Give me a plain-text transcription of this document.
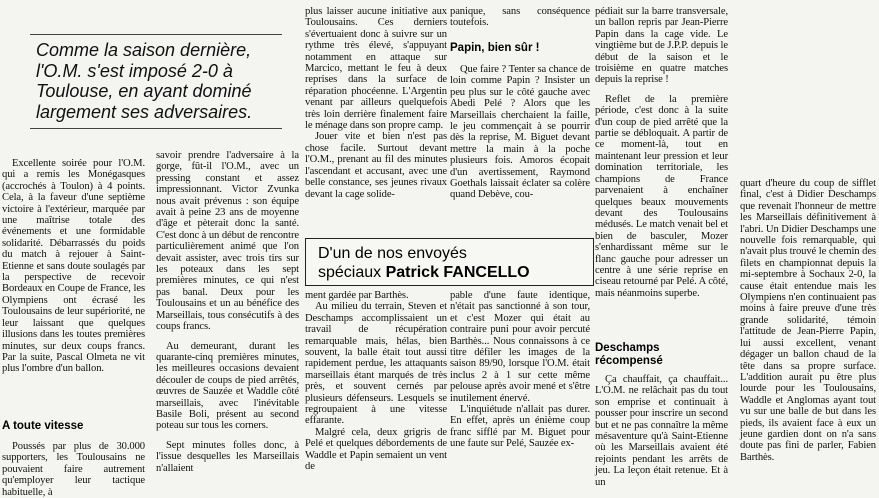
Comme la saison dernière, l'O.M. s'est imposé 2-0 à Toulouse, en ayant dominé largement ses adversaires.

Excellente soirée pour l'O.M. qui a remis les Monégasques (accrochés à Toulon) à 4 points. Cela, à la faveur d'une septième victoire à l'extérieur, marquée par une maîtrise totale des événements et une formidable solidarité. Débarrassés du poids du match à rejouer à Saint-Etienne et sans doute soulagés par la perspective de recevoir Bordeaux en Coupe de France, les Olympiens ont écrasé les Toulousains de leur supériorité, ne leur laissant que quelques illusions dans les toutes premières minutes, sur deux coups francs. Par la suite, Pascal Olmeta ne vit plus l'ombre d'un ballon.

A toute vitesse

Poussés par plus de 30.000 supporters, les Toulousains ne pouvaient faire autrement qu'employer leur tactique habituelle, à

savoir prendre l'adversaire à la gorge, fût-il l'O.M., avec un pressing constant et assez impressionnant. Victor Zvunka nous avait prévenus : son équipe avait à peine 23 ans de moyenne d'âge et pèterait donc la santé. C'est donc à un début de rencontre particulièrement animé que l'on devait assister, avec trois tirs sur les poteaux dans les sept premières minutes, ce qui n'est pas banal. Deux pour les Toulousains et un au bénéfice des Marseillais, tous consécutifs à des coups francs.

Au demeurant, durant les quarante-cinq premières minutes, les meilleures occasions devaient découler de coups de pied arrêtés, œuvres de Sauzée et Waddle côté marseillais, avec l'inévitable Basile Boli, présent au second poteau sur tous les corners.

Sept minutes folles donc, à l'issue desquelles les Marseillais n'allaient

plus laisser aucune initiative aux Toulousains. Ces derniers s'évertuaient donc à suivre sur un rythme très élevé, s'appuyant notamment en attaque sur Marcico, mettant le feu à deux reprises dans la surface de réparation phocéenne. L'Argentin venant par ailleurs quelquefois très loin derrière finalement faire le ménage dans son propre camp.

Jouer vite et bien n'est pas chose facile. Surtout devant l'O.M., prenant au fil des minutes l'ascendant et accusant, avec une belle constance, ses jeunes rivaux devant la cage solide-

D'un de nos envoyés
spéciaux Patrick FANCELLO

ment gardée par Barthès.

Au milieu du terrain, Steven et Deschamps accomplissaient un travail de récupération remarquable mais, hélas, bien souvent, la balle était tout aussi rapidement perdue, les attaquants marseillais étant marqués de très près, et souvent cernés par plusieurs défenseurs. Lesquels se regroupaient à une vitesse effarante.

Malgré cela, deux grigris de Pelé et quelques débordements de Waddle et Papin semaient un vent de

panique, sans conséquence toutefois.

Papin, bien sûr !

Que faire ? Tenter sa chance de loin comme Papin ? Insister un peu plus sur le côté gauche avec Abedi Pelé ? Alors que les Marseillais cherchaient la faille, le jeu commençait à se pourrir dès la reprise, M. Biguet devant mettre la main à la poche plusieurs fois. Amoros écopait d'un avertissement, Raymond Goethals laissait éclater sa colère quand Debève, cou-

pable d'une faute identique, n'était pas sanctionné à son tour, et c'est Mozer qui était au contraire puni pour avoir percuté Barthès... Nous connaissons à ce titre défiler les images de la saison 89/90, lorsque l'O.M. était inclus 2 à 1 sur cette même pelouse après avoir mené et s'être inutilement énervé.

L'inquiétude n'allait pas durer. En effet, après un énième coup franc sifflé par M. Biguet pour une faute sur Pelé, Sauzée ex-

pédiait sur la barre transversale, un ballon repris par Jean-Pierre Papin dans la cage vide. Le vingtième but de J.P.P. depuis le début de la saison et le troisième en quatre matches depuis la reprise !

Reflet de la première période, c'est donc à la suite d'un coup de pied arrêté que la partie se débloquait. A partir de ce moment-là, tout en maintenant leur pression et leur domination territoriale, les champions de France parvenaient à enchaîner quelques beaux mouvements devant des Toulousains médusés. Le match venait bel et bien de basculer, Mozer s'enhardissant même sur le flanc gauche pour adresser un centre à une série reprise en ciseau retourné par Pelé. A côté, mais néanmoins superbe.

Deschamps
récompensé

Ça chauffait, ça chauffait... L'O.M. ne relâchait pas du tout son emprise et continuait à pousser pour inscrire un second but et ne pas connaître la même mésaventure qu'à Saint-Etienne où les Marseillais avaient été rejoints pendant les arrêts de jeu. La leçon était retenue. Et à un

quart d'heure du coup de sifflet final, c'est à Didier Deschamps que revenait l'honneur de mettre les Marseillais définitivement à l'abri. Un Didier Deschamps une nouvelle fois remarquable, qui n'avait plus trouvé le chemin des filets en championnat depuis la mi-septembre à Sochaux 2-0, la cause était entendue mais les Olympiens n'en continuaient pas moins à faire preuve d'une très grande solidarité, témoin l'attitude de Jean-Pierre Papin, lui aussi excellent, venant dégager un ballon chaud de la tête dans sa propre surface. L'addition aurait pu être plus lourde pour les Toulousains, Waddle et Anglomas ayant tout vu sur une balle de but dans les pieds, ils avaient face à eux un jeune gardien dont on n'a sans doute pas fini de parler, Fabien Barthès.
